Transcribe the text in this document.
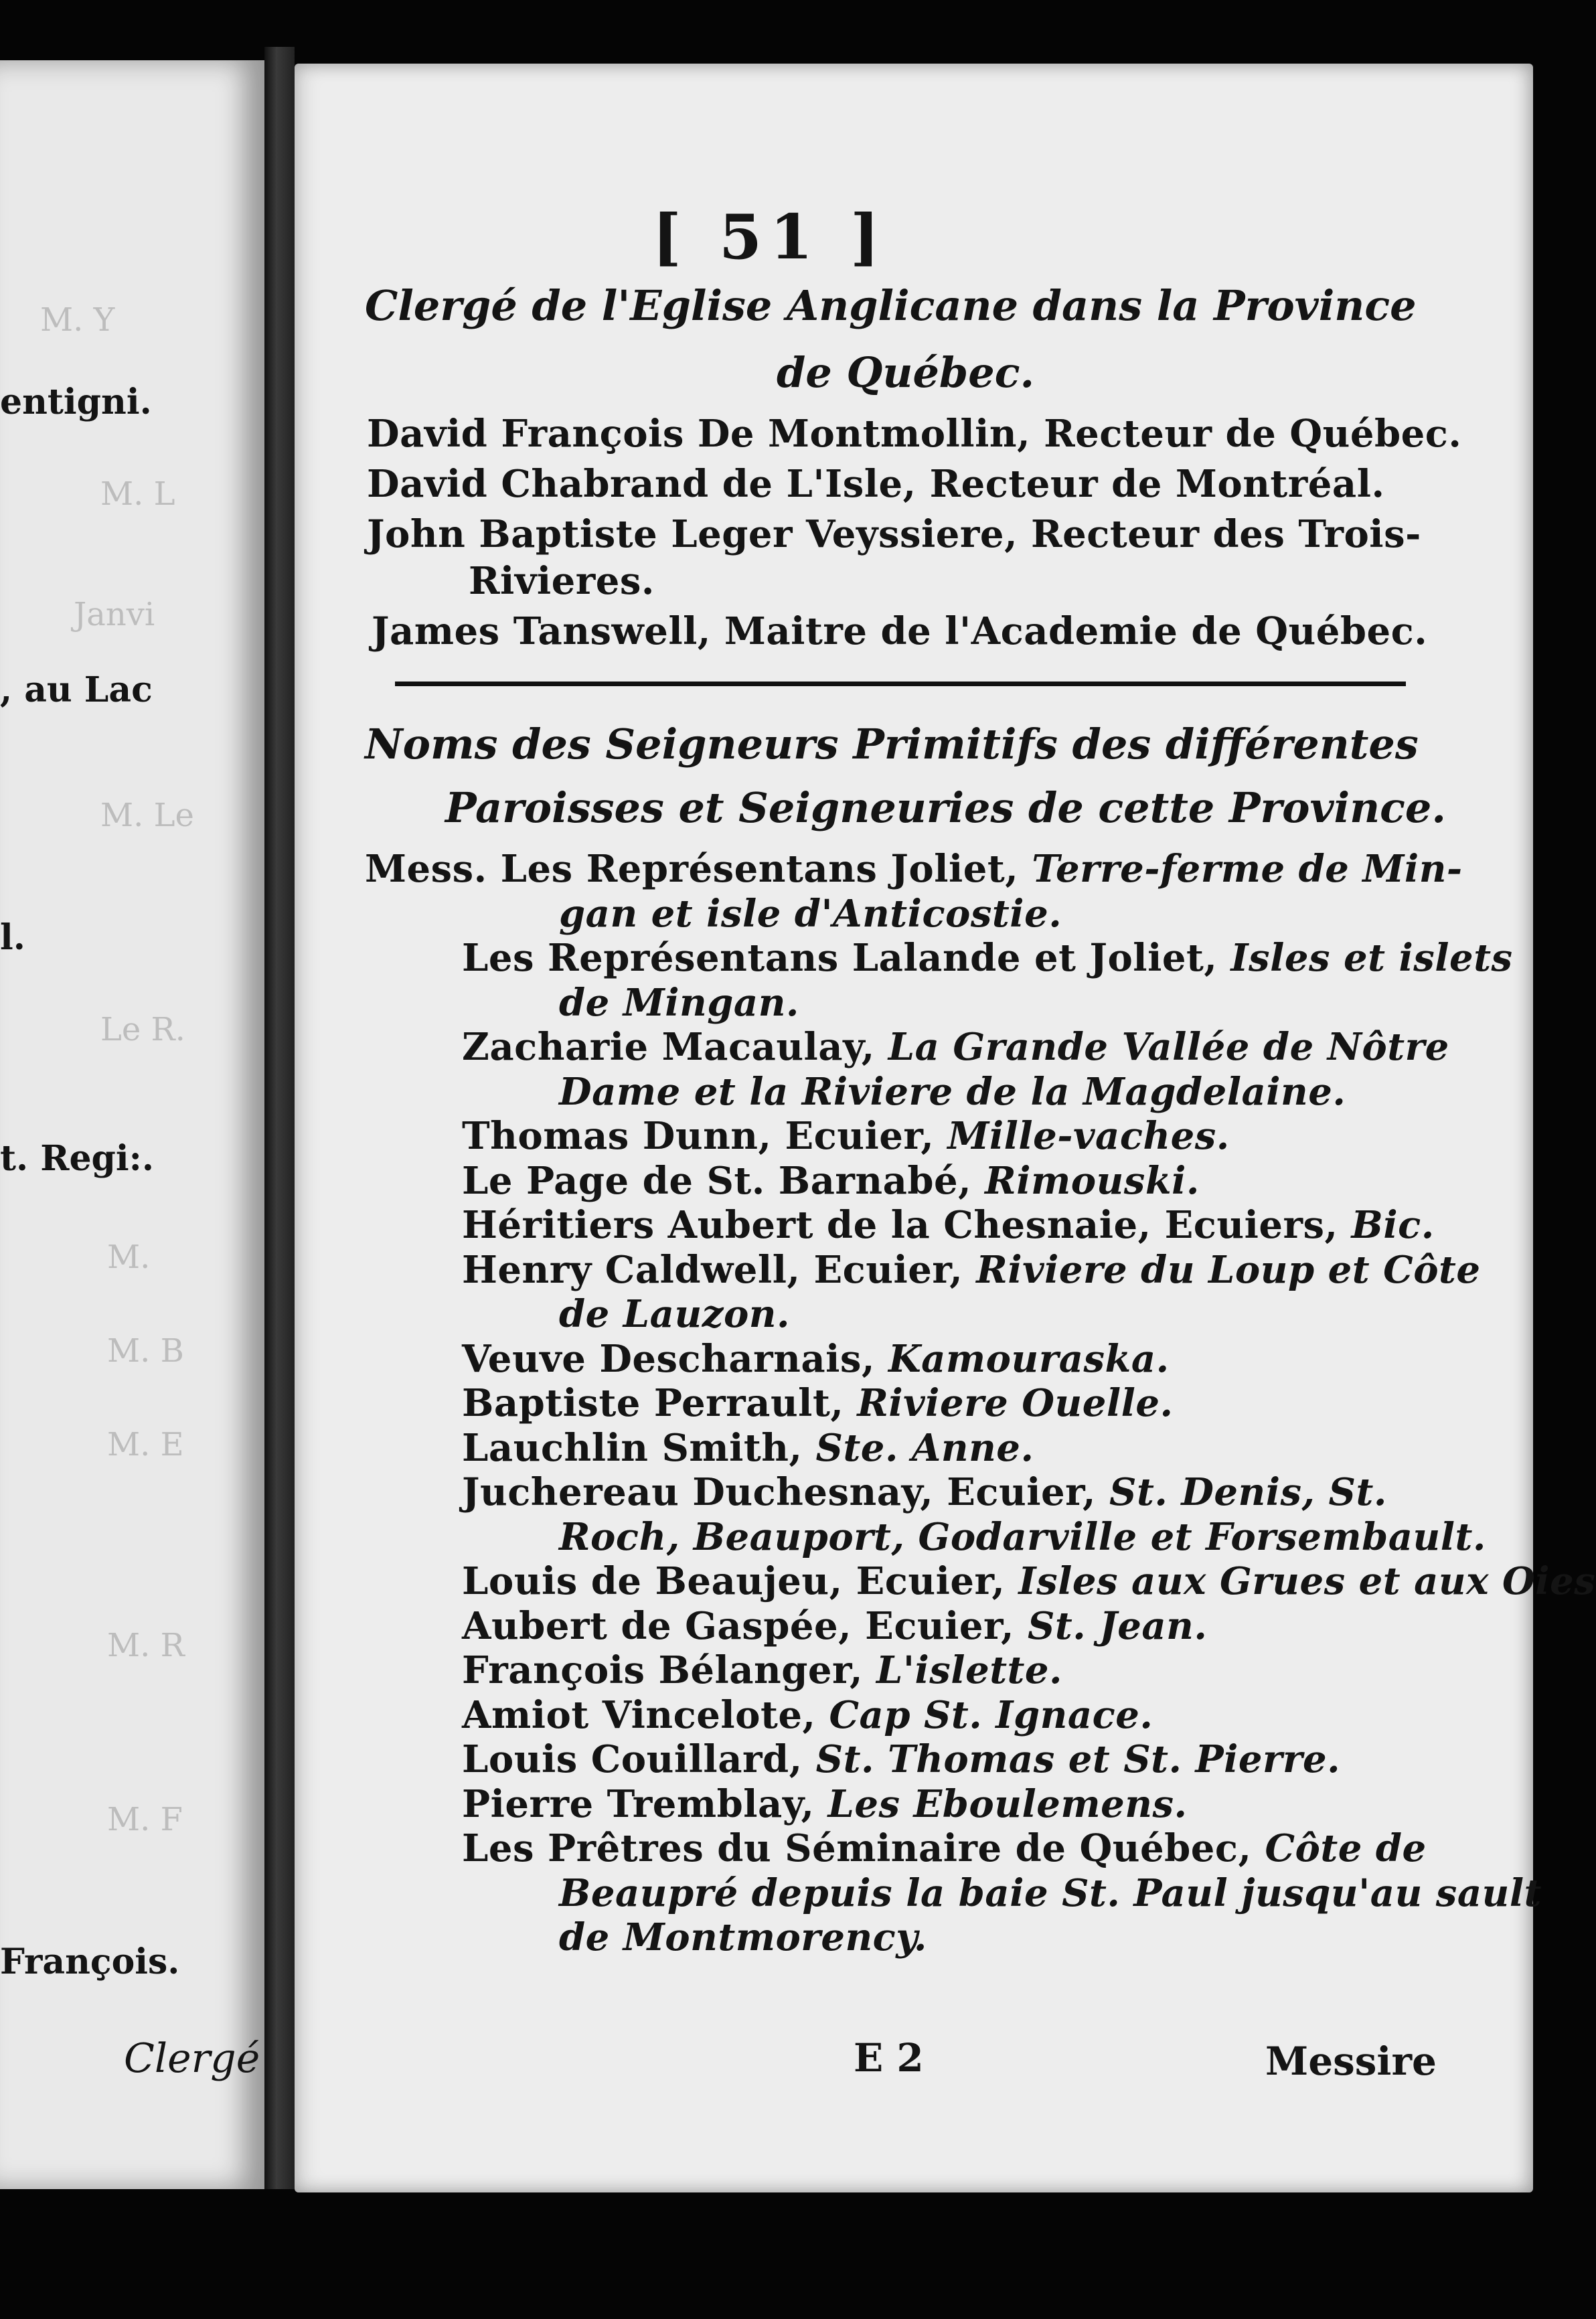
M. Y
entigni.
M. L
Janvi
, au Lac
M. Le
l.
Le R.
t. Regi:.
M.
M. B
M. E
M. R
M. F
François.
Clergé
[ 51 ]
Clergé de l'Eglise Anglicane dans la Province
de Québec.
David François De Montmollin, Recteur de Québec.
David Chabrand de L'Isle, Recteur de Montréal.
John Baptiste Leger Veyssiere, Recteur des Trois-
Rivieres.
James Tanswell, Maitre de l'Academie de Québec.
Noms des Seigneurs Primitifs des différentes
Paroisses et Seigneuries de cette Province.
Mess. Les Représentans Joliet, Terre-ferme de Min-
gan et isle d'Anticostie.
Les Représentans Lalande et Joliet, Isles et islets
de Mingan.
Zacharie Macaulay, La Grande Vallée de Nôtre
Dame et la Riviere de la Magdelaine.
Thomas Dunn, Ecuier, Mille-vaches.
Le Page de St. Barnabé, Rimouski.
Héritiers Aubert de la Chesnaie, Ecuiers, Bic.
Henry Caldwell, Ecuier, Riviere du Loup et Côte
de Lauzon.
Veuve Descharnais, Kamouraska.
Baptiste Perrault, Riviere Ouelle.
Lauchlin Smith, Ste. Anne.
Juchereau Duchesnay, Ecuier, St. Denis, St.
Roch, Beauport, Godarville et Forsembault.
Louis de Beaujeu, Ecuier, Isles aux Grues et aux Oies
Aubert de Gaspée, Ecuier, St. Jean.
François Bélanger, L'islette.
Amiot Vincelote, Cap St. Ignace.
Louis Couillard, St. Thomas et St. Pierre.
Pierre Tremblay, Les Eboulemens.
Les Prêtres du Séminaire de Québec, Côte de
Beaupré depuis la baie St. Paul jusqu'au sault
de Montmorency.
E 2	Messire
